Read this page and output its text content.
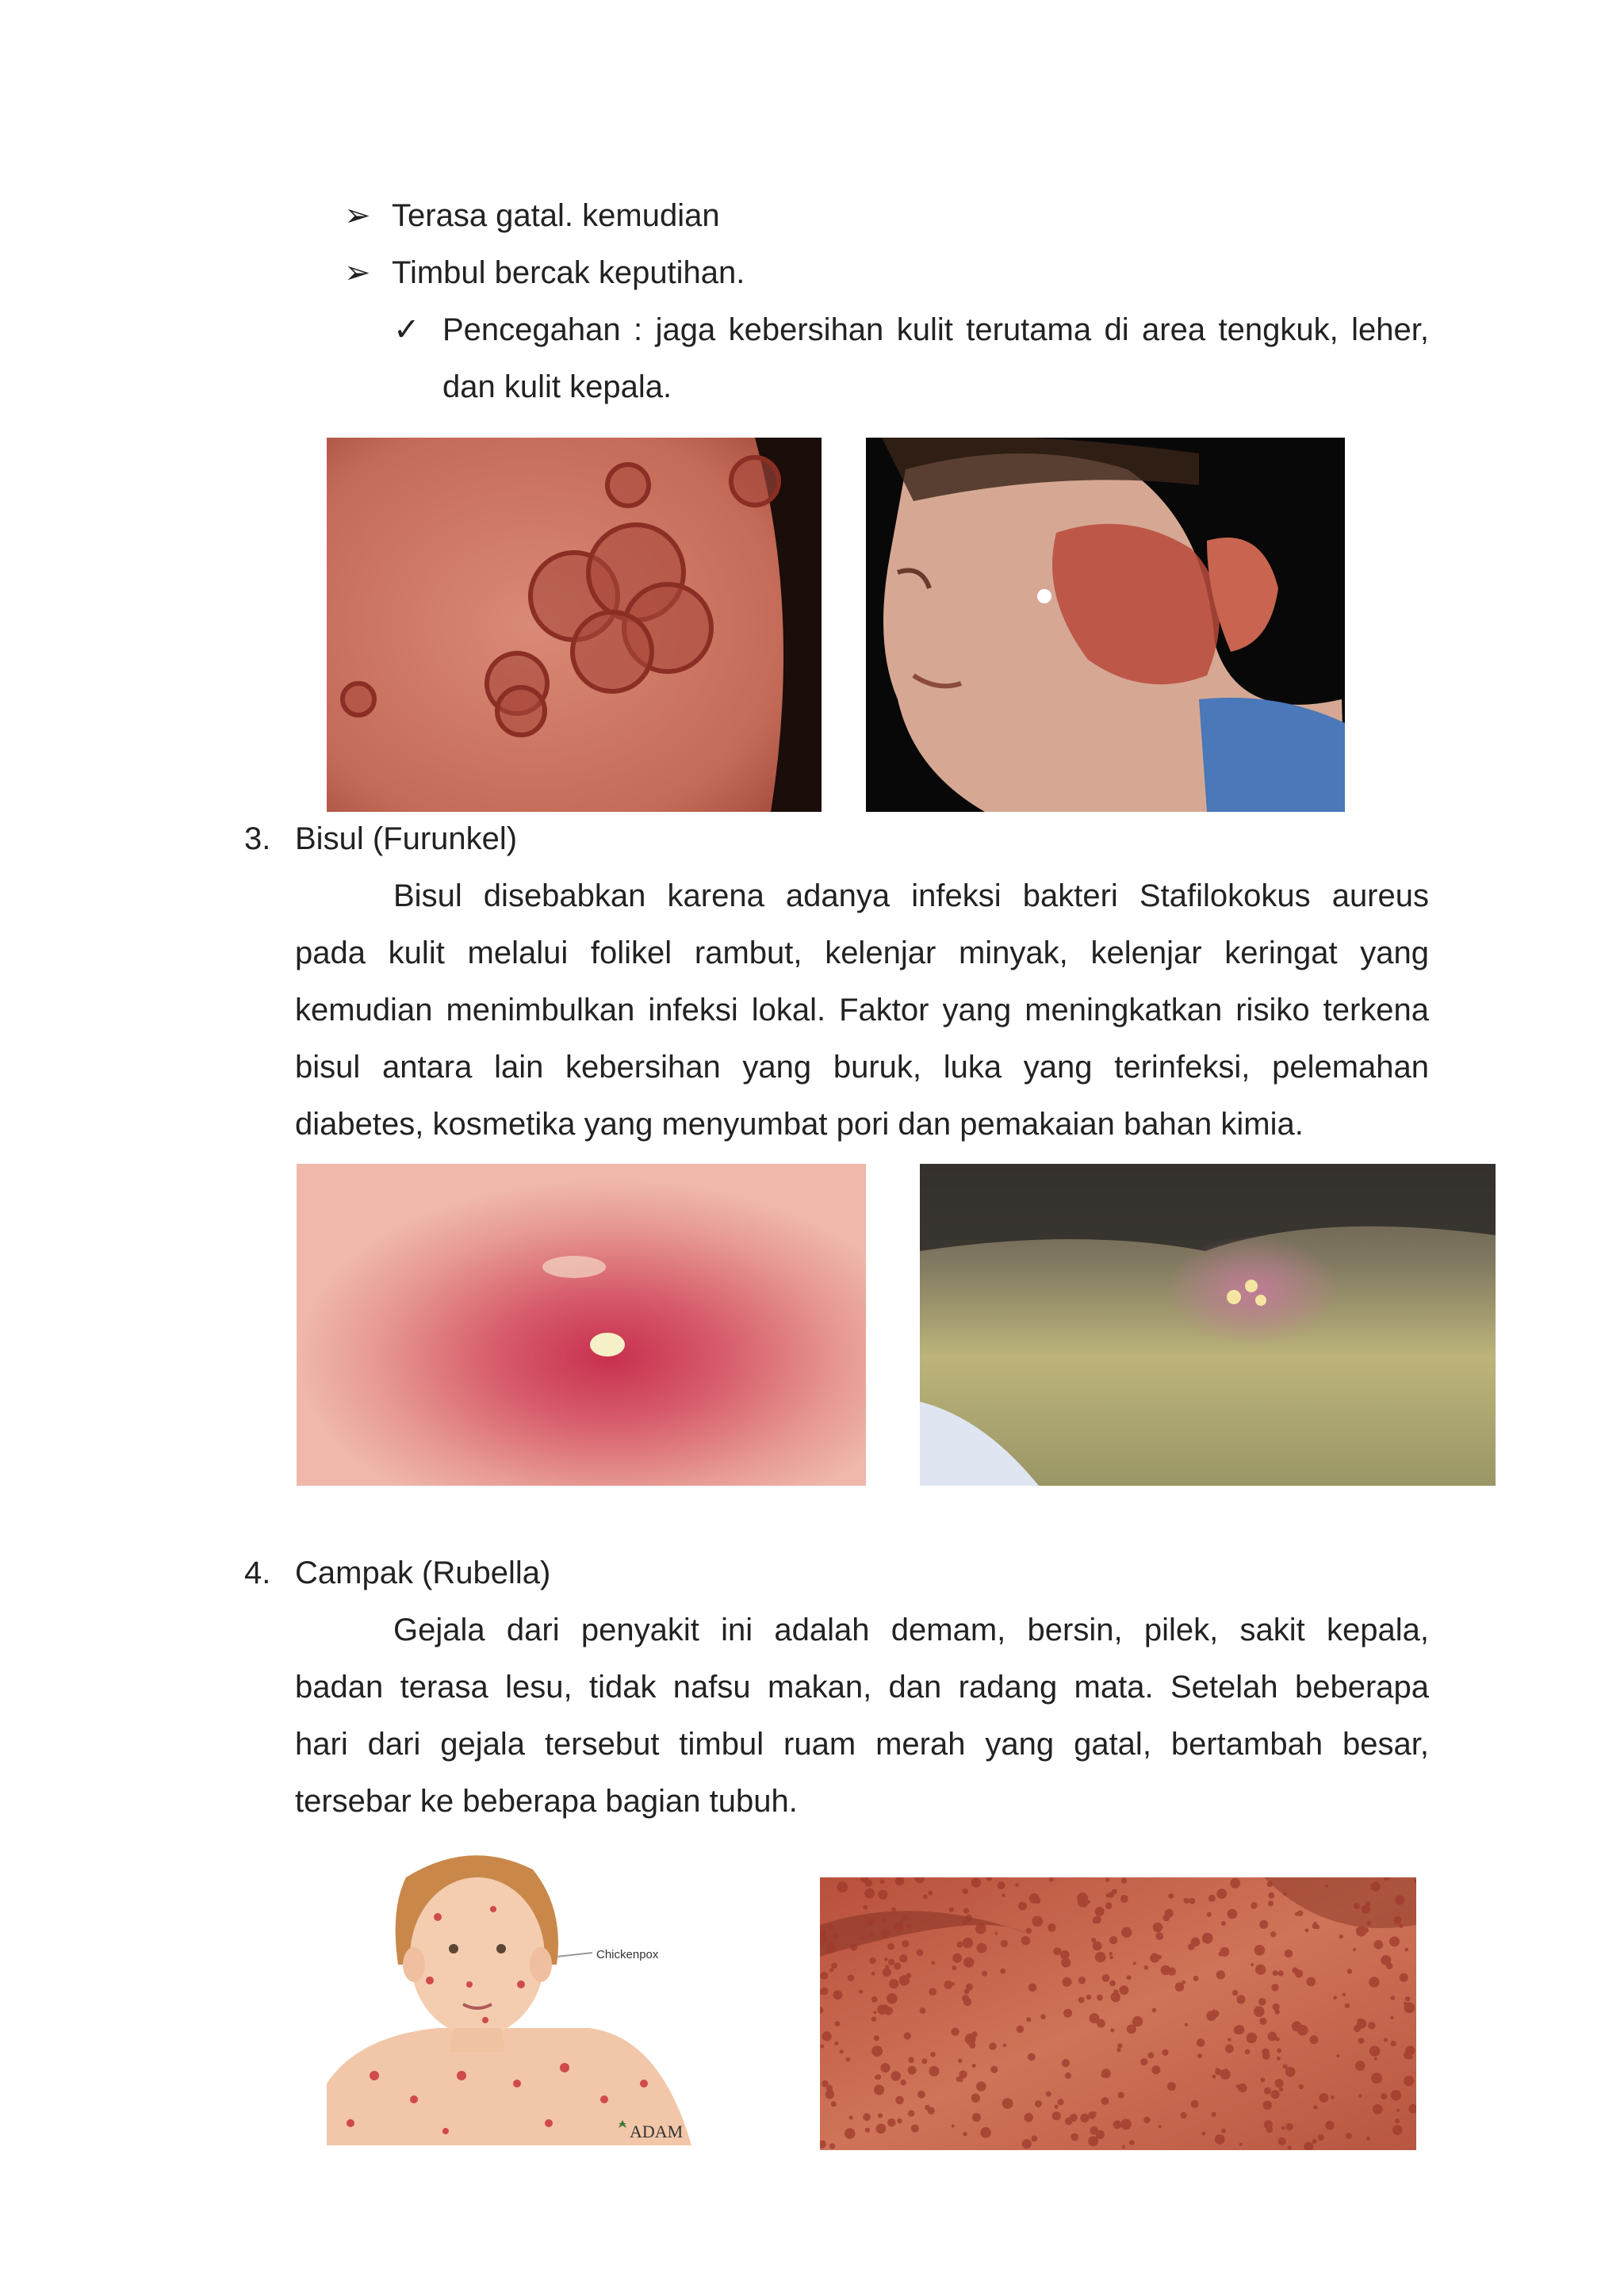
➢ Terasa gatal. kemudian
➢ Timbul bercak keputihan.
✓ Pencegahan : jaga kebersihan kulit terutama di area tengkuk, leher,
dan kulit kepala.
3. Bisul (Furunkel)
Bisul disebabkan karena adanya infeksi bakteri Stafilokokus aureus
pada kulit melalui folikel rambut, kelenjar minyak, kelenjar keringat yang
kemudian menimbulkan infeksi lokal. Faktor yang meningkatkan risiko terkena
bisul antara lain kebersihan yang buruk, luka yang terinfeksi, pelemahan
diabetes, kosmetika yang menyumbat pori dan pemakaian bahan kimia.
4. Campak (Rubella)
Gejala dari penyakit ini adalah demam, bersin, pilek, sakit kepala,
badan terasa lesu, tidak nafsu makan, dan radang mata. Setelah beberapa
hari dari gejala tersebut timbul ruam merah yang gatal, bertambah besar,
tersebar ke beberapa bagian tubuh.
Chickenpox
ADAM
